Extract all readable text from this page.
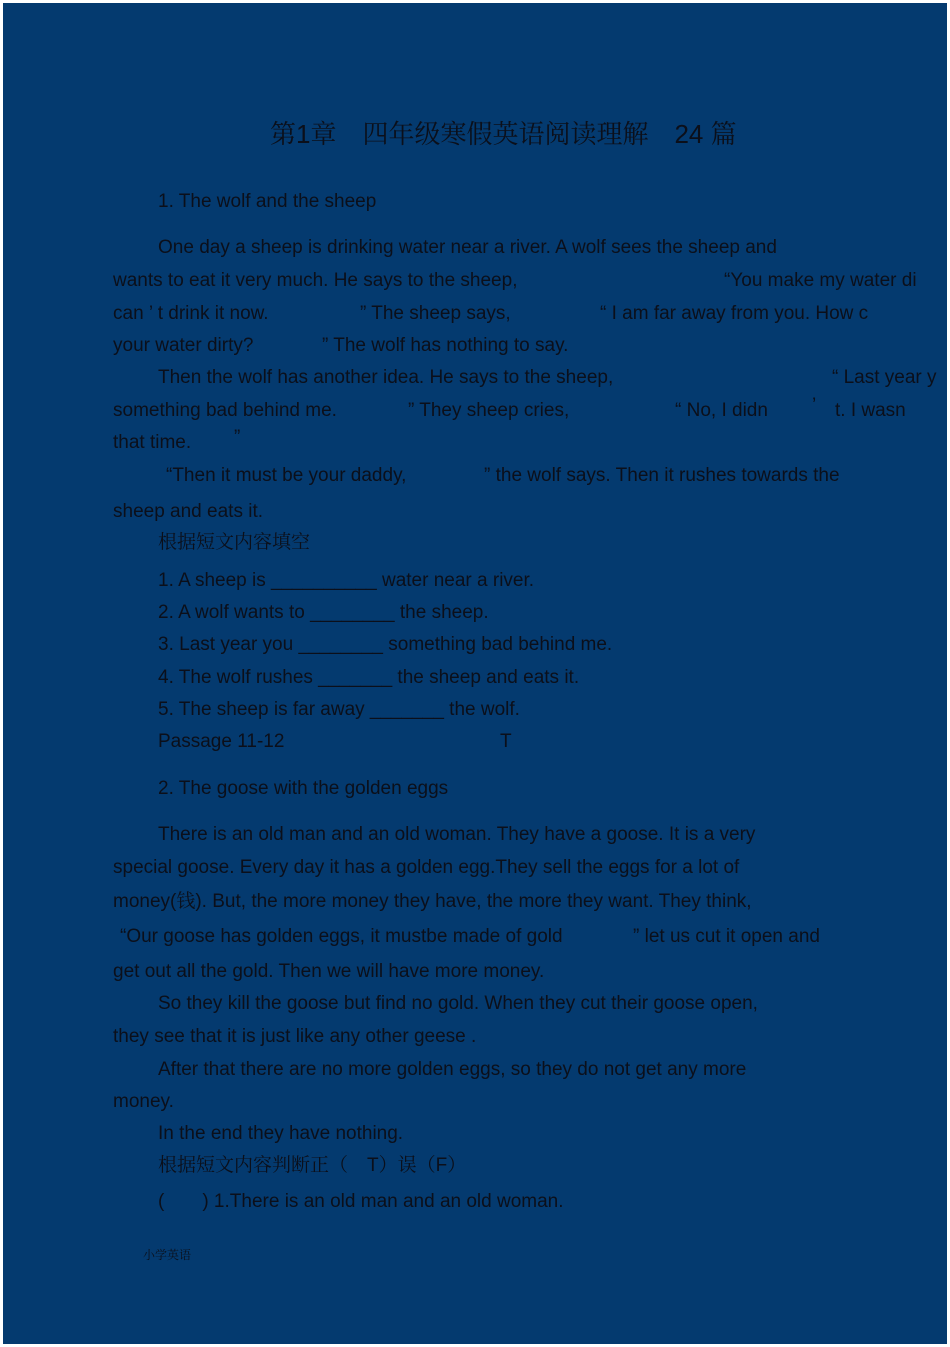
第1章　四年级寒假英语阅读理解　24 篇
1. The wolf and the sheep
One day a sheep is drinking water near a river. A wolf sees the sheep and
wants to eat it very much. He says to the sheep,	“You make my water di
can ’ t drink it now.	” The sheep says,	“ I am far away from you. How c
your water dirty?	” The wolf has nothing to say.
Then the wolf has another idea. He says to the sheep,	“ Last year y
something bad behind me.	” They sheep cries,	“ No, I didn ’ t. I wasn
that time. ”
“Then it must be your daddy,	” the wolf says. Then it rushes towards the
sheep and eats it.
根据短文内容填空
1. A sheep is __________ water near a river.
2. A wolf wants to ________ the sheep.
3. Last year you ________ something bad behind me.
4. The wolf rushes _______ the sheep and eats it.
5. The sheep is far away _______ the wolf.
Passage 11-12	T
2. The goose with the golden eggs
There is an old man and an old woman. They have a goose. It is a very
special goose. Every day it has a golden egg.They sell the eggs for a lot of
money(钱). But, the more money they have, the more they want. They think,
“Our goose has golden eggs, it mustbe made of gold	” let us cut it open and
get out all the gold. Then we will have more money.
So they kill the goose but find no gold. When they cut their goose open,
they see that it is just like any other geese .
After that there are no more golden eggs, so they do not get any more
money.
In the end they have nothing.
根据短文内容判断正（　T）误（F）
(　　) 1.There is an old man and an old woman.
小学英语
